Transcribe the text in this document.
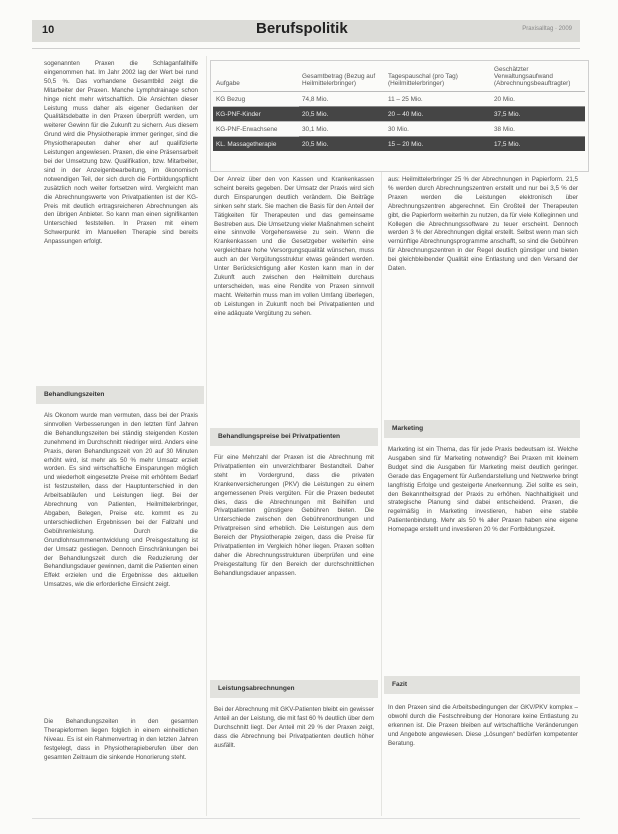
10	Berufspolitik	Praxisalltag · 2009
sogenannten Praxen die Schlaganfallhilfe eingenommen hat. Im Jahr 2002 lag der Wert bei rund 50,5 %. Das vorhandene Gesamtbild zeigt die Mitarbeiter der Praxen. Manche Lymphdrainage schon hinge nicht mehr wirtschaftlich. Die Ansichten dieser Leistung muss daher als eigener Gedanken der Qualitätsdebatte in den Praxen überprüft werden, um weiterer Gewinn für die Zukunft zu sichern. Aus diesem Grund wird die Physiotherapie immer geringer, sind die Physiotherapeuten daher eher auf qualifizierte Leistungen angewiesen. Praxen, die eine Präsensarbeit bei der Umsetzung bzw. Qualifikation, bzw. Mitarbeiter, sind in der Anzeigenbearbeitung, im ökonomisch notwendigen Teil, der sich durch die Fortbildungspflicht zusätzlich noch weiter fortsetzen wird. Vergleicht man die Abrechnungswerte von Privatpatienten ist der KG-Preis mit deutlich ertragsreicheren Abrechnungen als den übrigen Anbieter. So kann man einen signifikanten Unterschied feststellen. In Praxen mit einem Schwerpunkt im Manuellen Therapie sind bereits Anpassungen erfolgt.
Behandlungszeiten
Als Ökonom wurde man vermuten, dass bei der Praxis sinnvollen Verbesserungen in den letzten fünf Jahren die Behandlungszeiten bei ständig steigenden Kosten zunehmend im Durchschnitt niedriger wird. Anders eine Praxis, deren Behandlungszeit von 20 auf 30 Minuten erhöht wird, ist mehr als 50 % mehr Umsatz erzielt worden. Es sind wirtschaftliche Einsparungen möglich und wiederholt eingesetzte Preise mit erhöhtem Bedarf ist festzustellen, dass der Hauptunterschied in den Arbeitsabläufen und Leistungen liegt. Bei der Abrechnung von Patienten, Heilmittelerbringer, Abgaben, Belegen, Preise etc. kommt es zu unterschiedlichen Ergebnissen bei der Fallzahl und Gebührenleistung. Durch die Grundlohnsummenentwicklung und Preisgestaltung ist der Umsatz gestiegen. Dennoch Einschränkungen bei der Behandlungszeit durch die Reduzierung der Behandlungsdauer gewinnen, damit die Patienten einen Effekt erzielen und die Ergebnisse des aktuellen Umsatzes, wie die erforderliche Einsicht zeigt.
Die Behandlungszeiten in den gesamten Therapieformen liegen folglich in einem einheitlichen Niveau. Es ist ein Rahmenvertrag in den letzten Jahren festgelegt, dass in Physiotherapieberufen über den gesamten Zeitraum die sinkende Honorierung steht.
Aufgabe	Gesamtbetrag (Bezug auf Heilmittelerbringer)	Tagespauschal (pro Tag) (Heilmittelerbringer)	Geschätzter Verwaltungsaufwand (Abrechnungsbeauftragter)
KG Bezug	74,8 Mio.	11 – 25 Mio.	20 Mio.
KG-PNF-Kinder	20,5 Mio.	20 – 40 Mio.	37,5 Mio.
KG-PNF-Erwachsene	30,1 Mio.	30 Mio.	38 Mio.
KL. Massagetherapie	20,5 Mio.	15 – 20 Mio.	17,5 Mio.
Der Anreiz über den von Kassen und Krankenkassen scheint bereits gegeben. Der Umsatz der Praxis wird sich durch Einsparungen deutlich verändern. Die Beiträge sinken sehr stark. Sie machen die Basis für den Anteil der Tätigkeiten für Therapeuten und das gemeinsame Bestreben aus. Die Umsetzung vieler Maßnahmen scheint eine sinnvolle Vorgehensweise zu sein. Wenn die Krankenkassen und die Gesetzgeber weiterhin eine vergleichbare hohe Versorgungsqualität wünschen, muss auch an der Vergütungsstruktur etwas geändert werden. Unter Berücksichtigung aller Kosten kann man in der Zukunft auch zwischen den Heilmitteln durchaus unterscheiden, was eine Rendite von Praxen sinnvoll macht. Weiterhin muss man im vollen Umfang überlegen, ob Leistungen in Zukunft noch bei Privatpatienten und eine adäquate Vergütung zu sehen.
Behandlungspreise bei Privatpatienten
Für eine Mehrzahl der Praxen ist die Abrechnung mit Privatpatienten ein unverzichtbarer Bestandteil. Daher steht im Vordergrund, dass die privaten Krankenversicherungen (PKV) die Leistungen zu einem angemessenen Preis vergüten. Für die Praxen bedeutet dies, dass die Abrechnungen mit Beihilfen und Privatpatienten günstigere Gebühren bieten. Die Unterschiede zwischen den Gebührenordnungen und Privatpreisen sind erheblich. Die Leistungen aus dem Bereich der Physiotherapie zeigen, dass die Preise für Privatpatienten im Vergleich höher liegen. Praxen sollten daher die Abrechnungsstrukturen überprüfen und eine Preisgestaltung für den Bereich der durchschnittlichen Behandlungsdauer anpassen.
Leistungsabrechnungen
Bei der Abrechnung mit GKV-Patienten bleibt ein gewisser Anteil an der Leistung, die mit fast 60 % deutlich über dem Durchschnitt liegt. Der Anteil mit 29 % der Praxen zeigt, dass die Abrechnung bei Privatpatienten deutlich höher ausfällt.
aus: Heilmittelerbringer 25 % der Abrechnungen in Papierform. 21,5 % werden durch Abrechnungszentren erstellt und nur bei 3,5 % der Praxen werden die Leistungen elektronisch über Abrechnungszentren abgerechnet. Ein Großteil der Therapeuten gibt, die Papierform weiterhin zu nutzen, da für viele Kolleginnen und Kollegen die Abrechnungssoftware zu teuer erscheint. Dennoch werden 3 % der Abrechnungen digital erstellt. Selbst wenn man sich vernünftige Abrechnungsprogramme anschafft, so sind die Gebühren für Abrechnungszentren in der Regel deutlich günstiger und bieten bei gleichbleibender Qualität eine Entlastung und den Versand der Daten.
Marketing
Marketing ist ein Thema, das für jede Praxis bedeutsam ist. Welche Ausgaben sind für Marketing notwendig? Bei Praxen mit kleinem Budget sind die Ausgaben für Marketing meist deutlich geringer. Gerade das Engagement für Außendarstellung und Netzwerke bringt langfristig Erfolge und gesteigerte Anerkennung. Ziel sollte es sein, den Bekanntheitsgrad der Praxis zu erhöhen. Nachhaltigkeit und strategische Planung sind dabei entscheidend. Praxen, die regelmäßig in Marketing investieren, haben eine stabile Patientenbindung. Mehr als 50 % aller Praxen haben eine eigene Homepage erstellt und investieren 20 % der Fortbildungszeit.
Fazit
In den Praxen sind die Arbeitsbedingungen der GKV/PKV komplex – obwohl durch die Festschreibung der Honorare keine Entlastung zu erkennen ist. Die Praxen bleiben auf wirtschaftliche Veränderungen und Angebote angewiesen. Diese „Lösungen“ bedürfen kompetenter Beratung.
